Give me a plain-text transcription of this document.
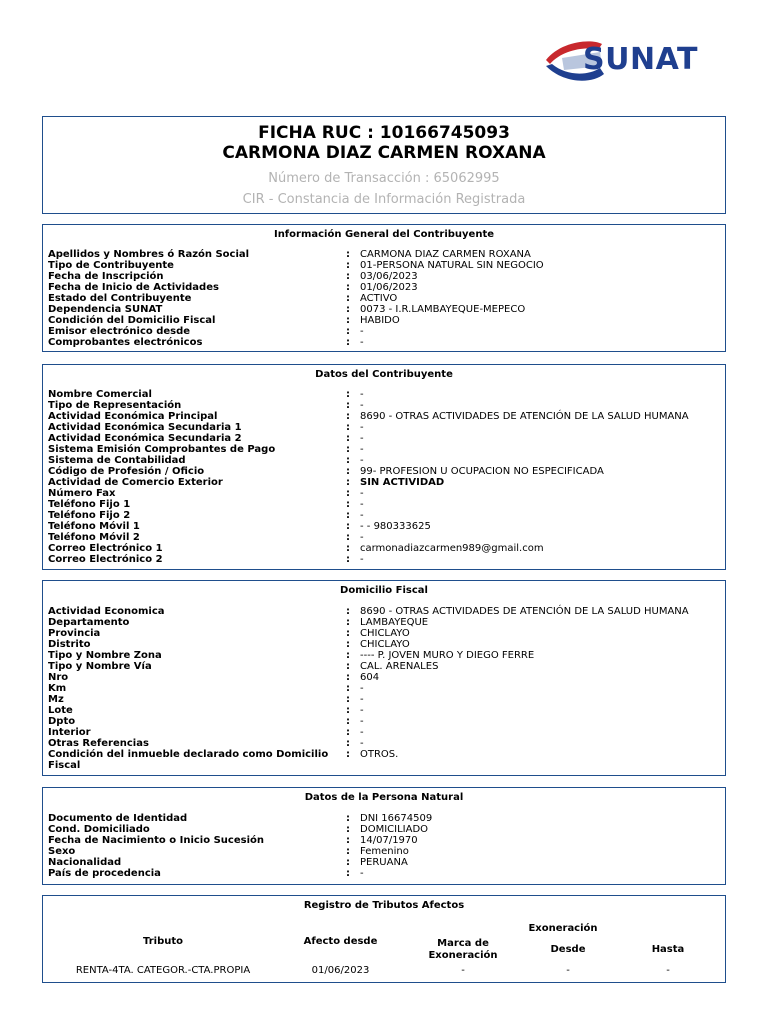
SUNAT
FICHA RUC : 10166745093
CARMONA DIAZ CARMEN ROXANA
Número de Transacción : 65062995
CIR - Constancia de Información Registrada
Información General del Contribuyente
Apellidos y Nombres ó Razón Social	:	CARMONA DIAZ CARMEN ROXANA
Tipo de Contribuyente	:	01-PERSONA NATURAL SIN NEGOCIO
Fecha de Inscripción	:	03/06/2023
Fecha de Inicio de Actividades	:	01/06/2023
Estado del Contribuyente	:	ACTIVO
Dependencia SUNAT	:	0073 - I.R.LAMBAYEQUE-MEPECO
Condición del Domicilio Fiscal	:	HABIDO
Emisor electrónico desde	:	-
Comprobantes electrónicos	:	-
Datos del Contribuyente
Nombre Comercial	:	-
Tipo de Representación	:	-
Actividad Económica Principal	:	8690 - OTRAS ACTIVIDADES DE ATENCIÓN DE LA SALUD HUMANA
Actividad Económica Secundaria 1	:	-
Actividad Económica Secundaria 2	:	-
Sistema Emisión Comprobantes de Pago	:	-
Sistema de Contabilidad	:	-
Código de Profesión / Oficio	:	99- PROFESION U OCUPACION NO ESPECIFICADA
Actividad de Comercio Exterior	:	SIN ACTIVIDAD
Número Fax	:	-
Teléfono Fijo 1	:	-
Teléfono Fijo 2	:	-
Teléfono Móvil 1	:	- - 980333625
Teléfono Móvil 2	:	-
Correo Electrónico 1	:	carmonadiazcarmen989@gmail.com
Correo Electrónico 2	:	-
Domicilio Fiscal
Actividad Economica	:	8690 - OTRAS ACTIVIDADES DE ATENCIÓN DE LA SALUD HUMANA
Departamento	:	LAMBAYEQUE
Provincia	:	CHICLAYO
Distrito	:	CHICLAYO
Tipo y Nombre Zona	:	---- P. JOVEN MURO Y DIEGO FERRE
Tipo y Nombre Vía	:	CAL. ARENALES
Nro	:	604
Km	:	-
Mz	:	-
Lote	:	-
Dpto	:	-
Interior	:	-
Otras Referencias	:	-
Condición del inmueble declarado como Domicilio Fiscal
:	OTROS.
Datos de la Persona Natural
Documento de Identidad	:	DNI 16674509
Cond. Domiciliado	:	DOMICILIADO
Fecha de Nacimiento o Inicio Sucesión	:	14/07/1970
Sexo	:	Femenino
Nacionalidad	:	PERUANA
País de procedencia	:	-
Registro de Tributos Afectos
Tributo	Afecto desde	Marca de Exoneración
Exoneración
Desde	Hasta
RENTA-4TA. CATEGOR.-CTA.PROPIA	01/06/2023	-	-	-
